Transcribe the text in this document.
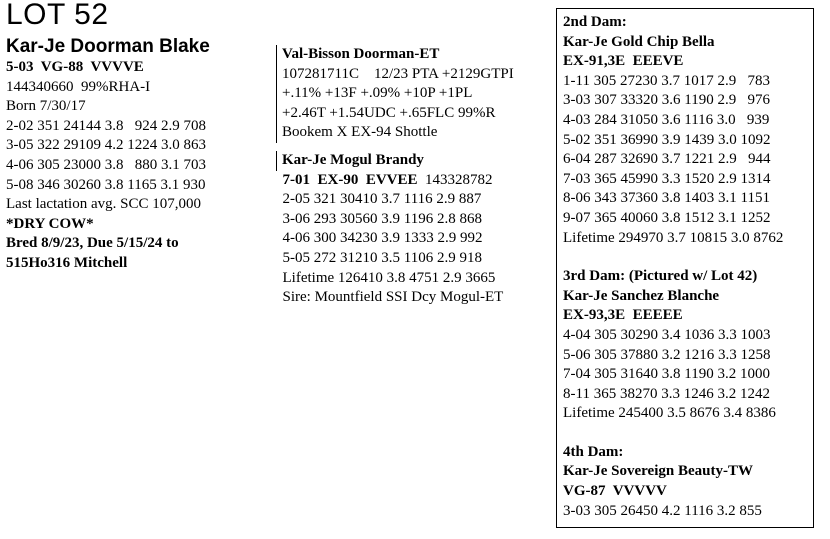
LOT 52
Kar-Je Doorman Blake
5-03  VG-88  VVVVE
144340660  99%RHA-I
Born 7/30/17
2-02 351 24144 3.8   924 2.9 708
3-05 322 29109 4.2 1224 3.0 863
4-06 305 23000 3.8   880 3.1 703
5-08 346 30260 3.8 1165 3.1 930
Last lactation avg. SCC 107,000
*DRY COW*
Bred 8/9/23, Due 5/15/24 to
515Ho316 Mitchell
Val-Bisson Doorman-ET
107281711C    12/23 PTA +2129GTPI
+.11% +13F +.09% +10P +1PL
+2.46T +1.54UDC +.65FLC 99%R
Bookem X EX-94 Shottle
Kar-Je Mogul Brandy
7-01  EX-90  EVVEE 143328782
2-05 321 30410 3.7 1116 2.9 887
3-06 293 30560 3.9 1196 2.8 868
4-06 300 34230 3.9 1333 2.9 992
5-05 272 31210 3.5 1106 2.9 918
Lifetime 126410 3.8 4751 2.9 3665
Sire: Mountfield SSI Dcy Mogul-ET
2nd Dam:
Kar-Je Gold Chip Bella
EX-91,3E  EEEVE
1-11 305 27230 3.7 1017 2.9   783
3-03 307 33320 3.6 1190 2.9   976
4-03 284 31050 3.6 1116 3.0   939
5-02 351 36990 3.9 1439 3.0 1092
6-04 287 32690 3.7 1221 2.9   944
7-03 365 45990 3.3 1520 2.9 1314
8-06 343 37360 3.8 1403 3.1 1151
9-07 365 40060 3.8 1512 3.1 1252
Lifetime 294970 3.7 10815 3.0 8762
3rd Dam: (Pictured w/ Lot 42)
Kar-Je Sanchez Blanche
EX-93,3E  EEEEE
4-04 305 30290 3.4 1036 3.3 1003
5-06 305 37880 3.2 1216 3.3 1258
7-04 305 31640 3.8 1190 3.2 1000
8-11 365 38270 3.3 1246 3.2 1242
Lifetime 245400 3.5 8676 3.4 8386
4th Dam:
Kar-Je Sovereign Beauty-TW
VG-87  VVVVV
3-03 305 26450 4.2 1116 3.2 855
